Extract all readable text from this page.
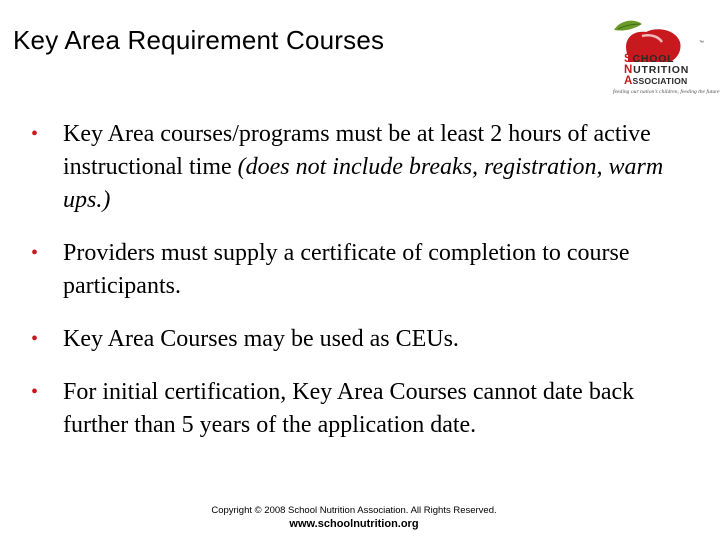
Key Area Requirement Courses	™
SCHOOL
NUTRITION
ASSOCIATION
feeding our nation's children, feeding the future
• Key Area courses/programs must be at least 2 hours of active instructional time (does not include breaks, registration, warm ups.)
• Providers must supply a certificate of completion to course participants.
• Key Area Courses may be used as CEUs.
• For initial certification, Key Area Courses cannot date back further than 5 years of the application date.
Copyright © 2008 School Nutrition Association. All Rights Reserved.
www.schoolnutrition.org
